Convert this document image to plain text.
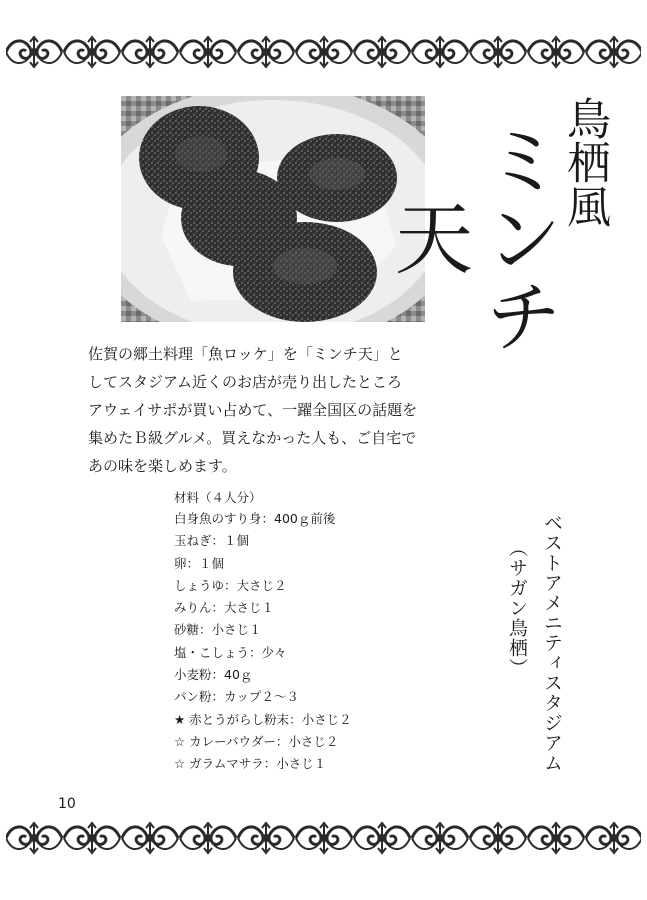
鳥栖風
ミンチ天
佐賀の郷土料理「魚ロッケ」を「ミンチ天」と
してスタジアム近くのお店が売り出したところ
アウェイサポが買い占めて、一躍全国区の話題を
集めたＢ級グルメ。買えなかった人も、ご自宅で
あの味を楽しめます。
材料（４人分）
白身魚のすり身：400ｇ前後
玉ねぎ：１個
卵：１個
しょうゆ：大さじ２
みりん：大さじ１
砂糖：小さじ１
塩・こしょう：少々
小麦粉：40ｇ
パン粉：カップ２～３
★ 赤とうがらし粉末：小さじ２
☆ カレーパウダー：小さじ２
☆ ガラムマサラ：小さじ１	ベストアメニティスタジアム
（サガン鳥栖）
10
